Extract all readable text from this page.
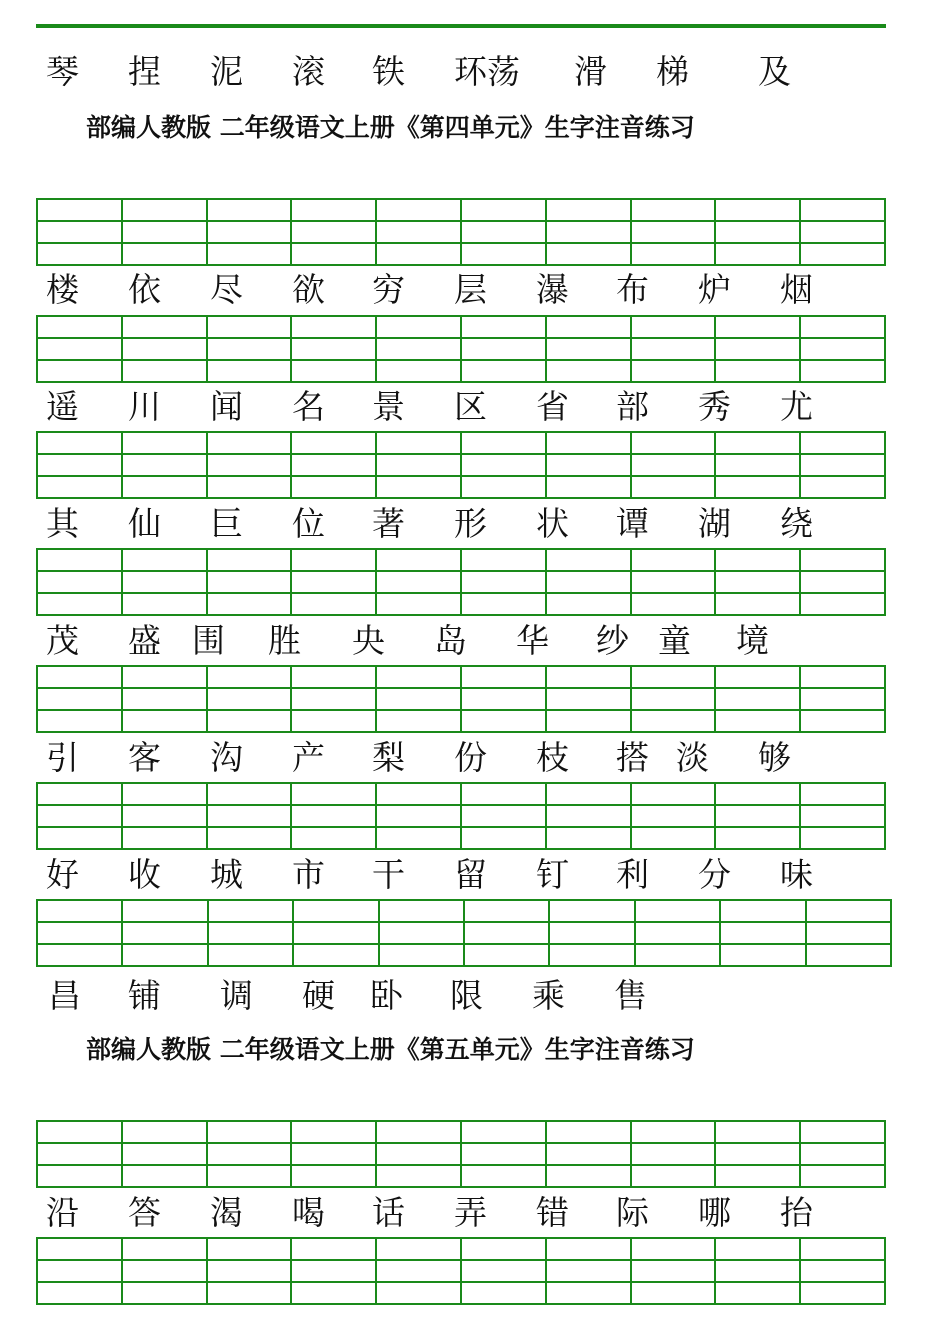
琴 捏 泥 滚 铁 环荡 滑 梯 及
部编人教版 二年级语文上册《第四单元》生字注音练习

楼 依 尽 欲 穷 层 瀑 布 炉 烟

遥 川 闻 名 景 区 省 部 秀 尤

其 仙 巨 位 著 形 状 谭 湖 绕

茂 盛 围 胜 央 岛 华 纱 童 境

引 客 沟 产 梨 份 枝 搭 淡 够

好 收 城 市 干 留 钉 利 分 味

昌 铺 调 硬 卧 限 乘 售
部编人教版 二年级语文上册《第五单元》生字注音练习

沿 答 渴 喝 话 弄 错 际 哪 抬
